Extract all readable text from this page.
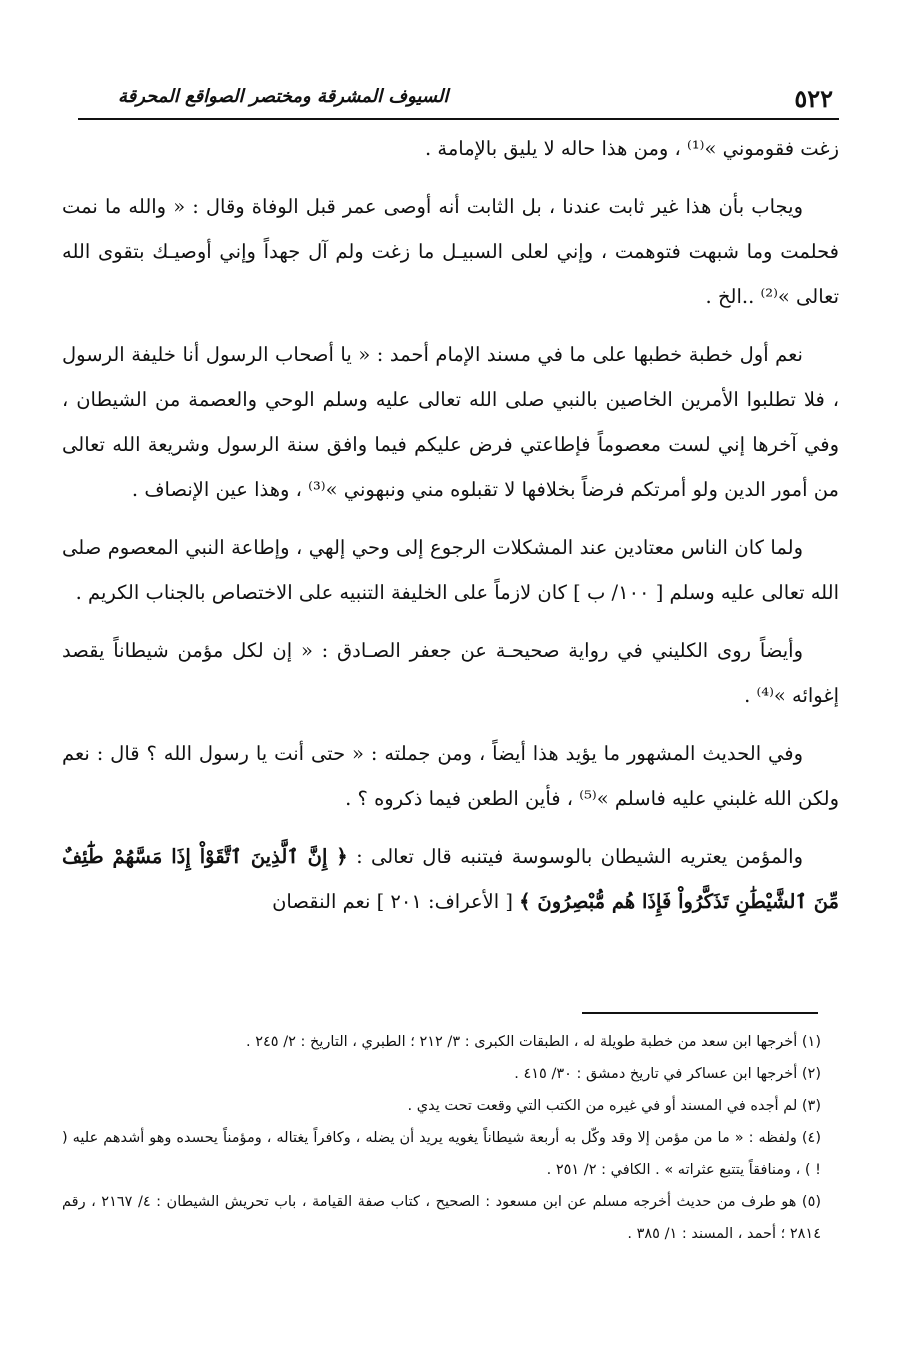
٥٢٢
السيوف المشرقة ومختصر الصواقع المحرقة

زغت فقوموني »⁽¹⁾ ، ومن هذا حاله لا يليق بالإمامة .

ويجاب بأن هذا غير ثابت عندنا ، بل الثابت أنه أوصى عمر قبل الوفاة وقال : « والله ما نمت فحلمت وما شبهت فتوهمت ، وإني لعلى السبيـل ما زغت ولم آل جهداً وإني أوصيـك بتقوى الله تعالى »⁽²⁾ ..الخ .

نعم أول خطبة خطبها على ما في مسند الإمام أحمد : « يا أصحاب الرسول أنا خليفة الرسول ، فلا تطلبوا الأمرين الخاصين بالنبي صلى الله تعالى عليه وسلم الوحي والعصمة من الشيطان ، وفي آخرها إني لست معصوماً فإطاعتي فرض عليكم فيما وافق سنة الرسول وشريعة الله تعالى من أمور الدين ولو أمرتكم فرضاً بخلافها لا تقبلوه مني ونبهوني »⁽³⁾ ، وهذا عين الإنصاف .

ولما كان الناس معتادين عند المشكلات الرجوع إلى وحي إلهي ، وإطاعة النبي المعصوم صلى الله تعالى عليه وسلم [ ١٠٠/ ب ] كان لازماً على الخليفة التنبيه على الاختصاص بالجناب الكريم .

وأيضاً روى الكليني في رواية صحيحـة عن جعفر الصـادق : « إن لكل مؤمن شيطاناً يقصد إغوائه »⁽⁴⁾ .

وفي الحديث المشهور ما يؤيد هذا أيضاً ، ومن جملته : « حتى أنت يا رسول الله ؟ قال : نعم ولكن الله غلبني عليه فاسلم »⁽⁵⁾ ، فأين الطعن فيما ذكروه ؟ .

والمؤمن يعتريه الشيطان بالوسوسة فيتنبه قال تعالى : ﴿ إِنَّ ٱلَّذِينَ ٱتَّقَوْاْ إِذَا مَسَّهُمْ طَٰٓئِفٌ مِّنَ ٱلشَّيْطَٰنِ تَذَكَّرُواْ فَإِذَا هُم مُّبْصِرُونَ ﴾ [ الأعراف: ٢٠١ ] نعم النقصان

(١) أخرجها ابن سعد من خطبة طويلة له ، الطبقات الكبرى : ٣/ ٢١٢ ؛ الطبري ، التاريخ : ٢/ ٢٤٥ .

(٢) أخرجها ابن عساكر في تاريخ دمشق : ٣٠/ ٤١٥ .

(٣) لم أجده في المسند أو في غيره من الكتب التي وقعت تحت يدي .

(٤) ولفظه : « ما من مؤمن إلا وقد وكّل به أربعة شيطاناً يغويه يريد أن يضله ، وكافراً يغتاله ، ومؤمناً يحسده وهو أشدهم عليه ( ! ) ، ومنافقاً يتتبع عثراته » . الكافي : ٢/ ٢٥١ .

(٥) هو طرف من حديث أخرجه مسلم عن ابن مسعود : الصحيح ، كتاب صفة القيامة ، باب تحريش الشيطان : ٤/ ٢١٦٧ ، رقم ٢٨١٤ ؛ أحمد ، المسند : ١/ ٣٨٥ .
